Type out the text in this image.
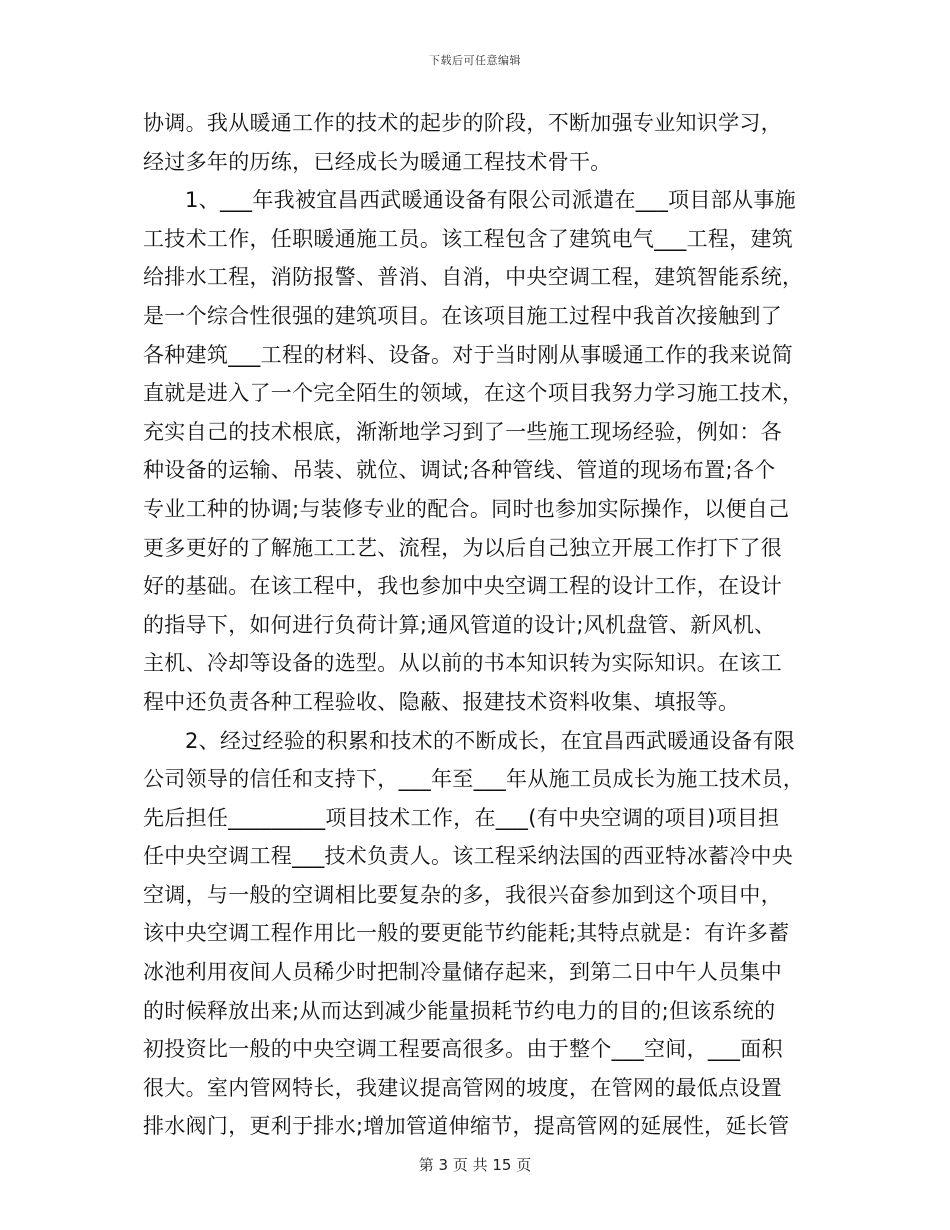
下载后可任意编辑
协调。我从暖通工作的技术的起步的阶段，不断加强专业知识学习，
经过多年的历练，已经成长为暖通工程技术骨干。
1、___年我被宜昌西武暖通设备有限公司派遣在___项目部从事施
工技术工作，任职暖通施工员。该工程包含了建筑电气___工程，建筑
给排水工程，消防报警、普消、自消，中央空调工程，建筑智能系统，
是一个综合性很强的建筑项目。在该项目施工过程中我首次接触到了
各种建筑___工程的材料、设备。对于当时刚从事暖通工作的我来说简
直就是进入了一个完全陌生的领域，在这个项目我努力学习施工技术，
充实自己的技术根底，渐渐地学习到了一些施工现场经验，例如：各
种设备的运输、吊装、就位、调试;各种管线、管道的现场布置;各个
专业工种的协调;与装修专业的配合。同时也参加实际操作，以便自己
更多更好的了解施工工艺、流程，为以后自己独立开展工作打下了很
好的基础。在该工程中，我也参加中央空调工程的设计工作，在设计
的指导下，如何进行负荷计算;通风管道的设计;风机盘管、新风机、
主机、冷却等设备的选型。从以前的书本知识转为实际知识。在该工
程中还负责各种工程验收、隐蔽、报建技术资料收集、填报等。
2、经过经验的积累和技术的不断成长，在宜昌西武暖通设备有限
公司领导的信任和支持下，___年至___年从施工员成长为施工技术员，
先后担任_________项目技术工作，在___(有中央空调的项目)项目担
任中央空调工程___技术负责人。该工程采纳法国的西亚特冰蓄冷中央
空调，与一般的空调相比要复杂的多，我很兴奋参加到这个项目中，
该中央空调工程作用比一般的要更能节约能耗;其特点就是：有许多蓄
冰池利用夜间人员稀少时把制冷量储存起来，到第二日中午人员集中
的时候释放出来;从而达到减少能量损耗节约电力的目的;但该系统的
初投资比一般的中央空调工程要高很多。由于整个___空间，___面积
很大。室内管网特长，我建议提高管网的坡度，在管网的最低点设置
排水阀门，更利于排水;增加管道伸缩节，提高管网的延展性，延长管
第 3 页 共 15 页
